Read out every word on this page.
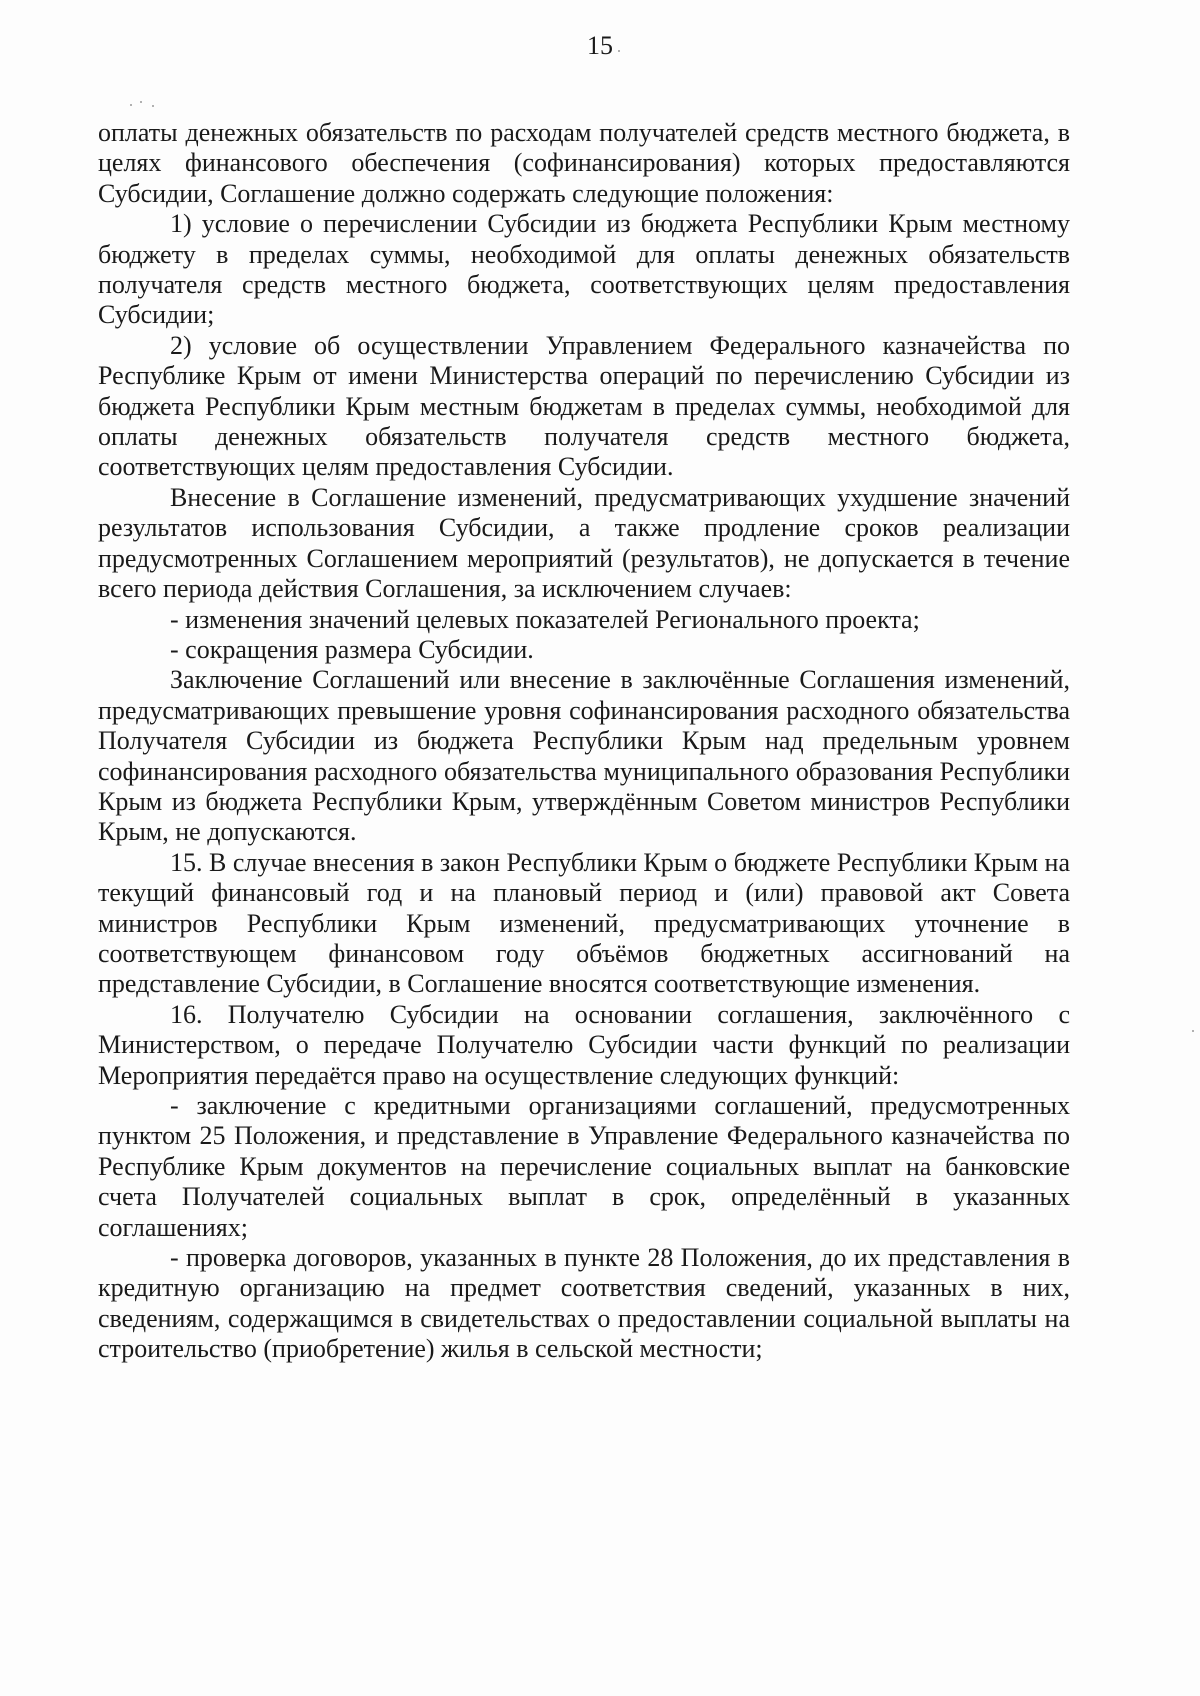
15

оплаты денежных обязательств по расходам получателей средств местного бюджета, в целях финансового обеспечения (софинансирования) которых предоставляются Субсидии, Соглашение должно содержать следующие положения:

1) условие о перечислении Субсидии из бюджета Республики Крым местному бюджету в пределах суммы, необходимой для оплаты денежных обязательств получателя средств местного бюджета, соответствующих целям предоставления Субсидии;

2) условие об осуществлении Управлением Федерального казначейства по Республике Крым от имени Министерства операций по перечислению Субсидии из бюджета Республики Крым местным бюджетам в пределах суммы, необходимой для оплаты денежных обязательств получателя средств местного бюджета, соответствующих целям предоставления Субсидии.

Внесение в Соглашение изменений, предусматривающих ухудшение значений результатов использования Субсидии, а также продление сроков реализации предусмотренных Соглашением мероприятий (результатов), не допускается в течение всего периода действия Соглашения, за исключением случаев:

- изменения значений целевых показателей Регионального проекта;

- сокращения размера Субсидии.

Заключение Соглашений или внесение в заключённые Соглашения изменений, предусматривающих превышение уровня софинансирования расходного обязательства Получателя Субсидии из бюджета Республики Крым над предельным уровнем софинансирования расходного обязательства муниципального образования Республики Крым из бюджета Республики Крым, утверждённым Советом министров Республики Крым, не допускаются.

15. В случае внесения в закон Республики Крым о бюджете Республики Крым на текущий финансовый год и на плановый период и (или) правовой акт Совета министров Республики Крым изменений, предусматривающих уточнение в соответствующем финансовом году объёмов бюджетных ассигнований на представление Субсидии, в Соглашение вносятся соответствующие изменения.

16. Получателю Субсидии на основании соглашения, заключённого с Министерством, о передаче Получателю Субсидии части функций по реализации Мероприятия передаётся право на осуществление следующих функций:

- заключение с кредитными организациями соглашений, предусмотренных пунктом 25 Положения, и представление в Управление Федерального казначейства по Республике Крым документов на перечисление социальных выплат на банковские счета Получателей социальных выплат в срок, определённый в указанных соглашениях;

- проверка договоров, указанных в пункте 28 Положения, до их представления в кредитную организацию на предмет соответствия сведений, указанных в них, сведениям, содержащимся в свидетельствах о предоставлении социальной выплаты на строительство (приобретение) жилья в сельской местности;
